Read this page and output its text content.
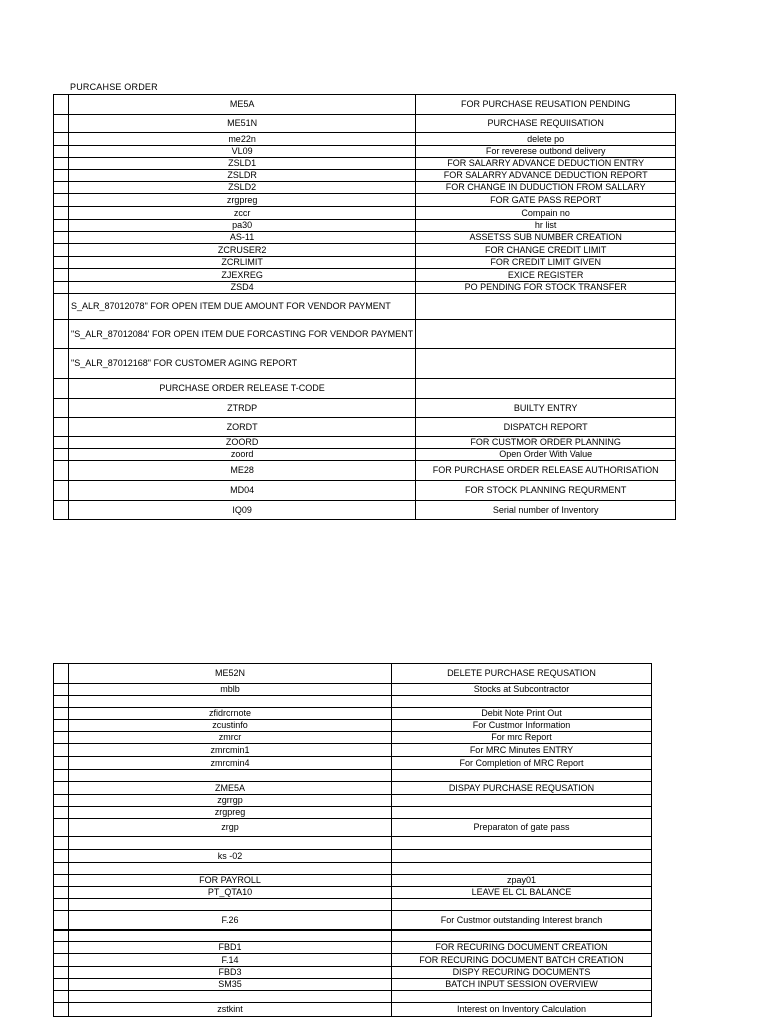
PURCAHSE ORDER
	ME5A	FOR PURCHASE REUSATION PENDING
	ME51N	PURCHASE REQUIISATION
	me22n	delete po
	VL09	For reverese outbond delivery
	ZSLD1	FOR SALARRY ADVANCE DEDUCTION ENTRY
	ZSLDR	FOR SALARRY ADVANCE DEDUCTION REPORT
	ZSLD2	FOR CHANGE IN DUDUCTION FROM SALLARY
	zrgpreg	FOR GATE PASS REPORT
	zccr	Compain no
	pa30	hr list
	AS-11	ASSETSS SUB NUMBER CREATION
	ZCRUSER2	FOR CHANGE CREDIT LIMIT
	ZCRLIMIT	FOR CREDIT LIMIT GIVEN
	ZJEXREG	EXICE REGISTER
	ZSD4	PO PENDING FOR STOCK TRANSFER
	S_ALR_87012078" FOR OPEN ITEM DUE AMOUNT FOR VENDOR PAYMENT	
	"S_ALR_87012084' FOR OPEN ITEM DUE FORCASTING FOR VENDOR PAYMENT	
	"S_ALR_87012168" FOR CUSTOMER AGING REPORT	
	PURCHASE ORDER RELEASE T-CODE	
	ZTRDP	BUILTY ENTRY
	ZORDT	DISPATCH REPORT
	ZOORD	FOR CUSTMOR ORDER PLANNING
	zoord	Open Order With Value
	ME28	FOR PURCHASE ORDER RELEASE AUTHORISATION
	MD04	FOR STOCK PLANNING REQURMENT
	IQ09	Serial number of Inventory
	ME52N	DELETE PURCHASE REQUSATION
	mblb	Stocks at Subcontractor

	zfidrcrnote	Debit Note Print Out
	zcustinfo	For Custmor Information
	zmrcr	For mrc Report
	zmrcmin1	For MRC Minutes ENTRY
	zmrcmin4	For Completion of MRC Report

	ZME5A	DISPAY PURCHASE REQUSATION
	zgrrgp	
	zrgpreg	
	zrgp	Preparaton of gate pass

	ks -02	

	FOR PAYROLL	zpay01
	PT_QTA10	LEAVE EL CL BALANCE

	F.26	For Custmor outstanding Interest branch

	FBD1	FOR RECURING DOCUMENT CREATION
	F.14	FOR RECURING DOCUMENT BATCH CREATION
	FBD3	DISPY RECURING DOCUMENTS
	SM35	BATCH INPUT SESSION OVERVIEW

	zstkint	Interest on Inventory Calculation
